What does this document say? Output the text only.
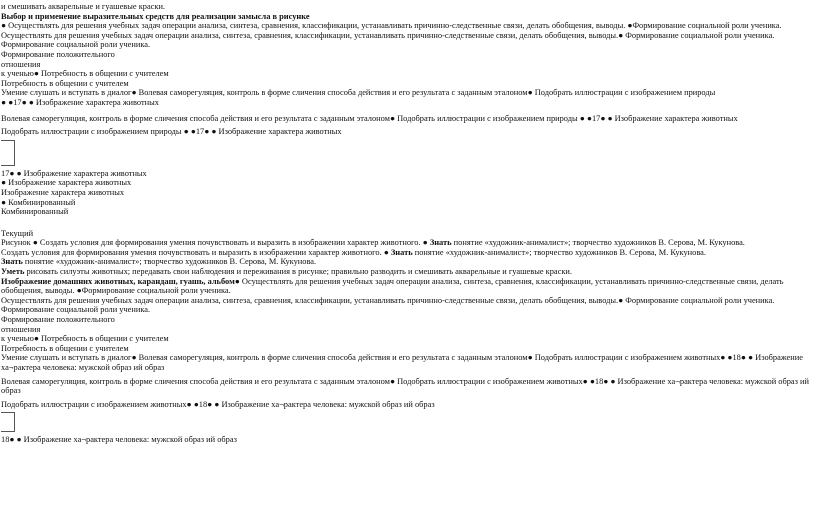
и смешивать акварельные и гуашевые краски.

Выбор и применение выразительных средств для реализации замысла в рисунке

● Осуществлять для решения учебных задач операции анализа, синтеза, сравнения, классификации, устанавливать причинно-следственные связи, делать обобщения, выводы. ●Формирование социальной роли ученика.

Осуществлять для решения учебных задач операции анализа, синтеза, сравнения, классификации, устанавливать причинно-следственные связи, делать обобщения, выводы.● Формирование социальной роли ученика.

Формирование социальной роли ученика.

Формирование положительного

отношения

к ученью● Потребность в общении с учителем

Потребность в общении с учителем

Умение слушать и вступать в диалог● Волевая саморегуляция, контроль в форме сличения способа действия и его результата с заданным эталоном● Подобрать иллюстрации с изображением природы

● ●17● ● Изображение характера животных

Волевая саморегуляция, контроль в форме сличения способа действия и его результата с заданным эталоном● Подобрать иллюстрации с изображением природы ● ●17● ● Изображение характера животных

Подобрать иллюстрации с изображением природы ● ●17● ● Изображение характера животных

17● ● Изображение характера животных

● Изображение характера животных

Изображение характера животных

● Комбинированный

Комбинированный

Текущий

Рисунок ● Создать условия для формирования умения почувствовать и выразить в изображении характер животного. ● Знать понятие «художник-анималист»; творчество художников В. Серова, М. Кукунова.

Создать условия для формирования умения почувствовать и выразить в изображении характер животного. ● Знать понятие «художник-анималист»; творчество художников В. Серова, М. Кукунова.

Знать понятие «художник-анималист»; творчество художников В. Серова, М. Кукунова.

Уметь рисовать силуэты животных; передавать свои наблюдения и переживания в рисунке; правильно разводить и смешивать акварельные и гуашевые краски.

Изображение домашних животных, карандаш, гуашь, альбом● Осуществлять для решения учебных задач операции анализа, синтеза, сравнения, классификации, устанавливать причинно-следственные связи, делать обобщения, выводы. ●Формирование социальной роли ученика.

Осуществлять для решения учебных задач операции анализа, синтеза, сравнения, классификации, устанавливать причинно-следственные связи, делать обобщения, выводы.● Формирование социальной роли ученика.

Формирование социальной роли ученика.

Формирование положительного

отношения

к ученью● Потребность в общении с учителем

Потребность в общении с учителем

Умение слушать и вступать в диалог● Волевая саморегуляция, контроль в форме сличения способа действия и его результата с заданным эталоном● Подобрать иллюстрации с изображением животных● ●18● ● Изображение ха¬рактера человека: мужской образ ий образ

Волевая саморегуляция, контроль в форме сличения способа действия и его результата с заданным эталоном● Подобрать иллюстрации с изображением животных● ●18● ● Изображение ха¬рактера человека: мужской образ ий образ

Подобрать иллюстрации с изображением животных● ●18● ● Изображение ха¬рактера человека: мужской образ ий образ

18● ● Изображение ха¬рактера человека: мужской образ ий образ
